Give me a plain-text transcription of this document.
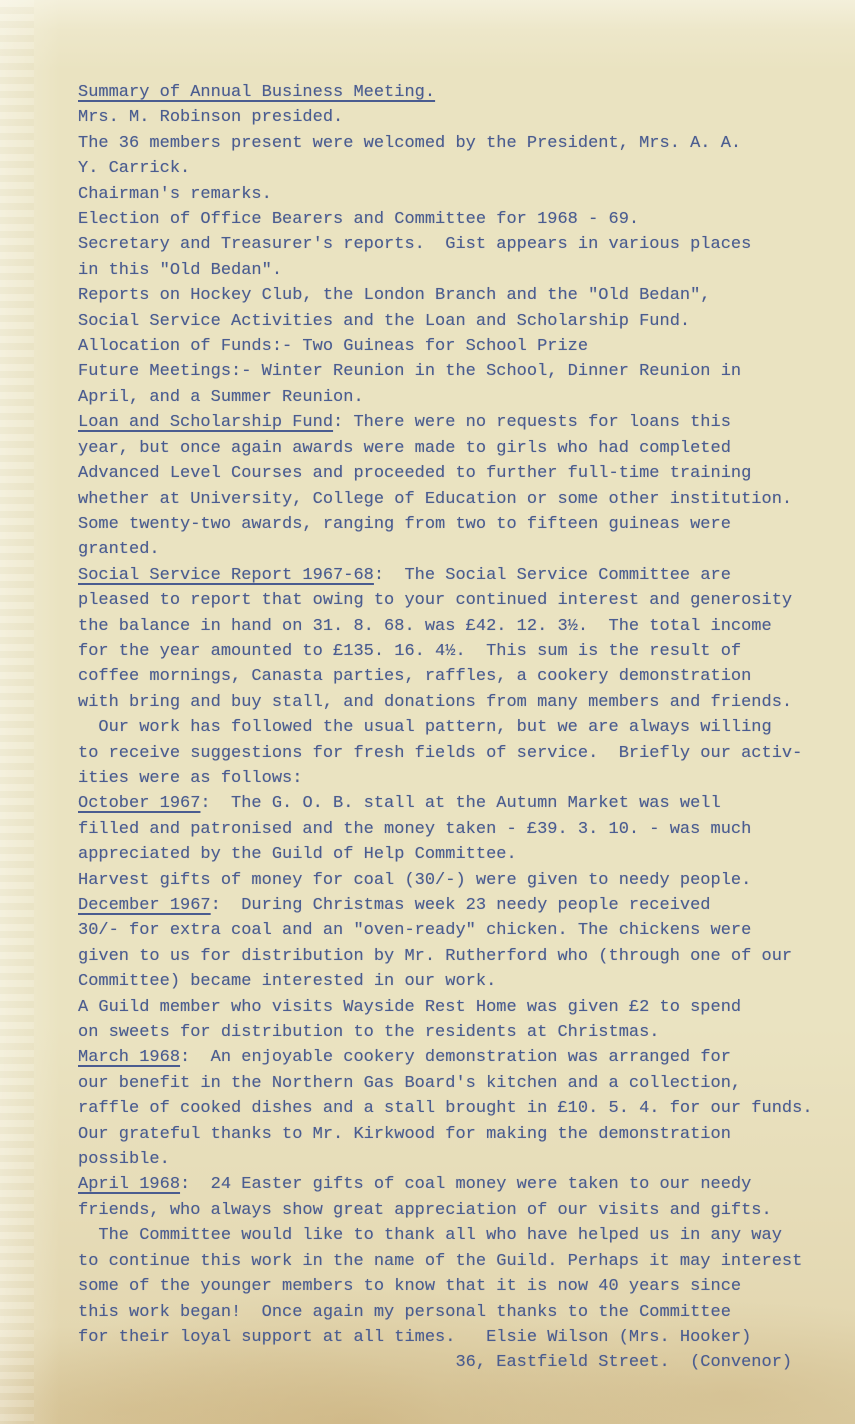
Summary of Annual Business Meeting.
Mrs. M. Robinson presided.
The 36 members present were welcomed by the President, Mrs. A. A.
Y. Carrick.
Chairman's remarks.
Election of Office Bearers and Committee for 1968 - 69.
Secretary and Treasurer's reports.  Gist appears in various places
in this "Old Bedan".
Reports on Hockey Club, the London Branch and the "Old Bedan",
Social Service Activities and the Loan and Scholarship Fund.
Allocation of Funds:- Two Guineas for School Prize
Future Meetings:- Winter Reunion in the School, Dinner Reunion in
April, and a Summer Reunion.
Loan and Scholarship Fund: There were no requests for loans this
year, but once again awards were made to girls who had completed
Advanced Level Courses and proceeded to further full-time training
whether at University, College of Education or some other institution.
Some twenty-two awards, ranging from two to fifteen guineas were
granted.
Social Service Report 1967-68:  The Social Service Committee are
pleased to report that owing to your continued interest and generosity
the balance in hand on 31. 8. 68. was £42. 12. 3½.  The total income
for the year amounted to £135. 16. 4½.  This sum is the result of
coffee mornings, Canasta parties, raffles, a cookery demonstration
with bring and buy stall, and donations from many members and friends.
Our work has followed the usual pattern, but we are always willing
to receive suggestions for fresh fields of service.  Briefly our activ-
ities were as follows:
October 1967:  The G. O. B. stall at the Autumn Market was well
filled and patronised and the money taken - £39. 3. 10. - was much
appreciated by the Guild of Help Committee.
Harvest gifts of money for coal (30/-) were given to needy people.
December 1967:  During Christmas week 23 needy people received
30/- for extra coal and an "oven-ready" chicken. The chickens were
given to us for distribution by Mr. Rutherford who (through one of our
Committee) became interested in our work.
A Guild member who visits Wayside Rest Home was given £2 to spend
on sweets for distribution to the residents at Christmas.
March 1968:  An enjoyable cookery demonstration was arranged for
our benefit in the Northern Gas Board's kitchen and a collection,
raffle of cooked dishes and a stall brought in £10. 5. 4. for our funds.
Our grateful thanks to Mr. Kirkwood for making the demonstration
possible.
April 1968:  24 Easter gifts of coal money were taken to our needy
friends, who always show great appreciation of our visits and gifts.
The Committee would like to thank all who have helped us in any way
to continue this work in the name of the Guild. Perhaps it may interest
some of the younger members to know that it is now 40 years since
this work began!  Once again my personal thanks to the Committee
for their loyal support at all times.   Elsie Wilson (Mrs. Hooker)
36, Eastfield Street.  (Convenor)
